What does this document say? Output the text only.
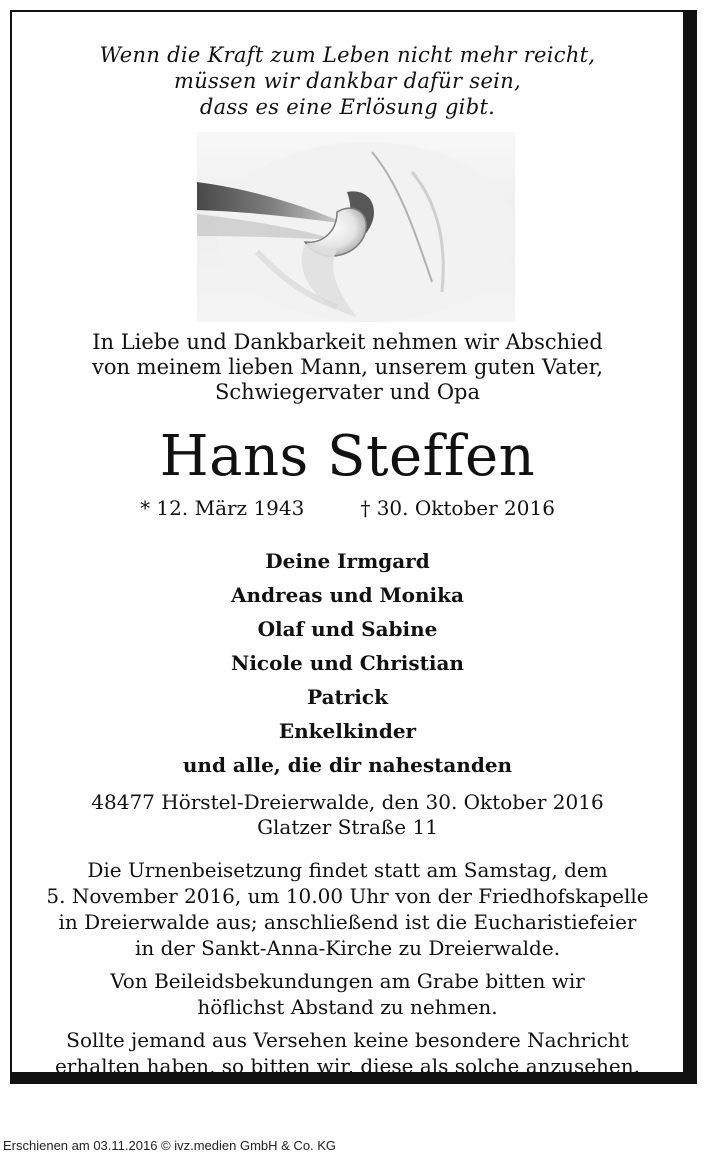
Wenn die Kraft zum Leben nicht mehr reicht,
müssen wir dankbar dafür sein,
dass es eine Erlösung gibt.
In Liebe und Dankbarkeit nehmen wir Abschied
von meinem lieben Mann, unserem guten Vater,
Schwiegervater und Opa
Hans Steffen
* 12. März 1943	† 30. Oktober 2016
Deine Irmgard
Andreas und Monika
Olaf und Sabine
Nicole und Christian
Patrick
Enkelkinder
und alle, die dir nahestanden
48477 Hörstel-Dreierwalde, den 30. Oktober 2016
Glatzer Straße 11
Die Urnenbeisetzung findet statt am Samstag, dem
5. November 2016, um 10.00 Uhr von der Friedhofskapelle
in Dreierwalde aus; anschließend ist die Eucharistiefeier
in der Sankt-Anna-Kirche zu Dreierwalde.
Von Beileidsbekundungen am Grabe bitten wir
höflichst Abstand zu nehmen.
Sollte jemand aus Versehen keine besondere Nachricht
erhalten haben, so bitten wir, diese als solche anzusehen.
Erschienen am 03.11.2016 © ivz.medien GmbH & Co. KG
